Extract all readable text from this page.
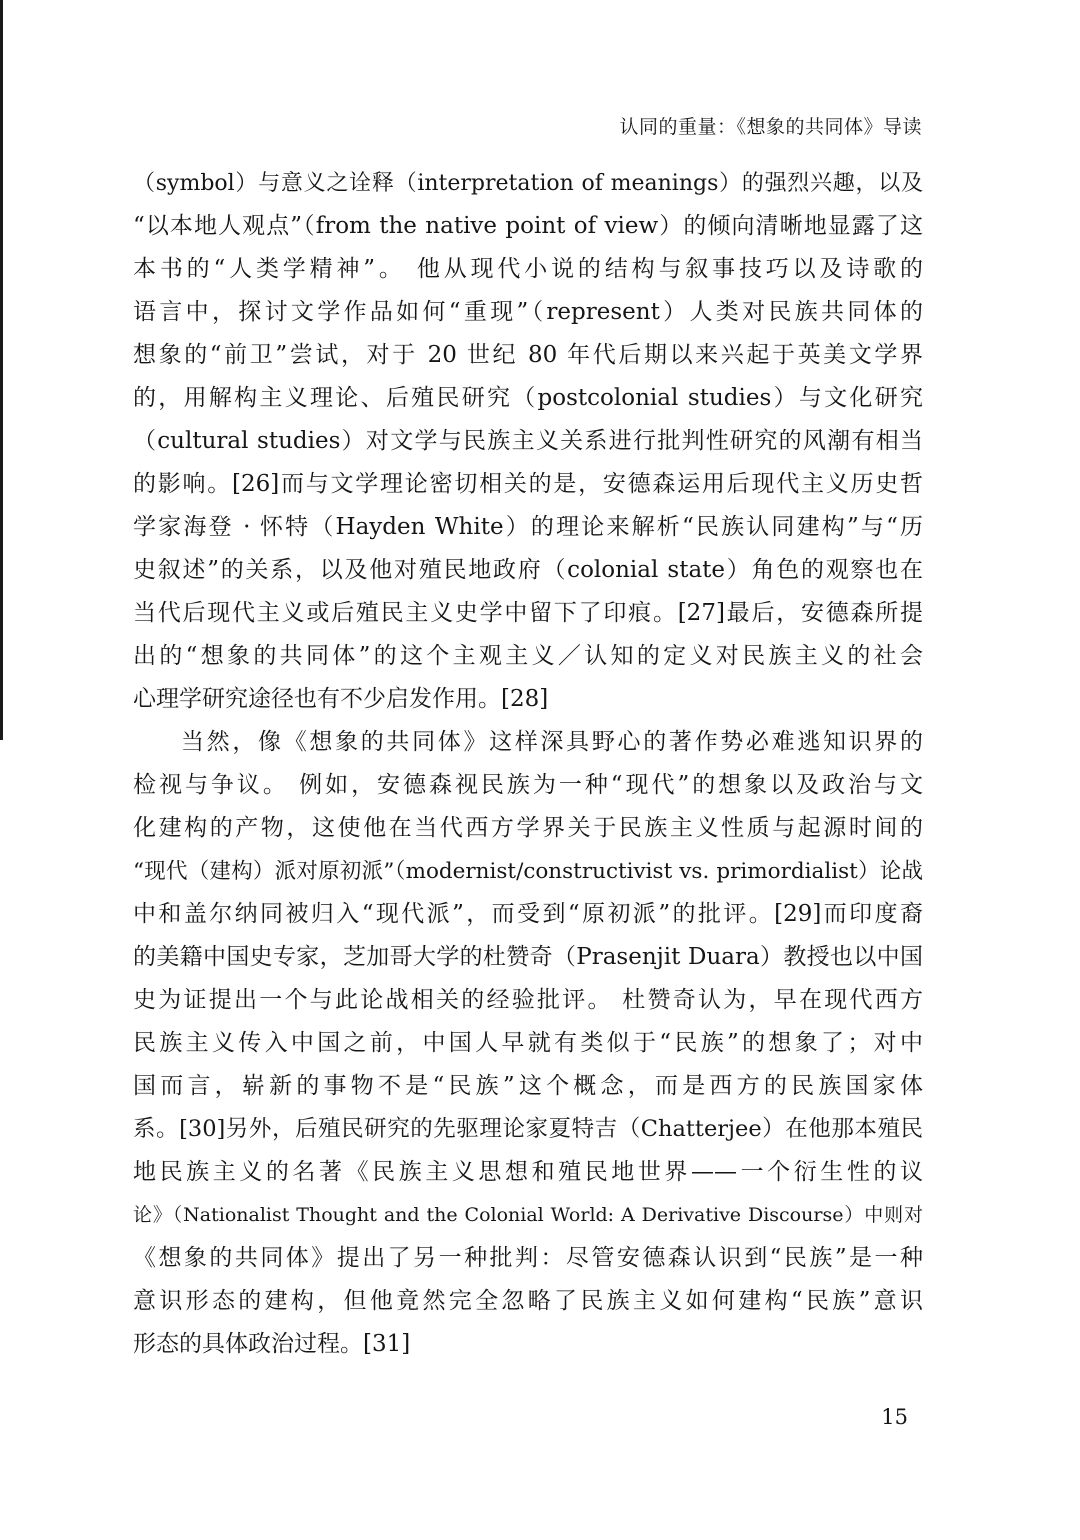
认同的重量：《想象的共同体》导读
（symbol）与意义之诠释（interpretation of meanings）的强烈兴趣，以及
“以本地人观点”（from the native point of view）的倾向清晰地显露了这
本书的“人类学精神”。 他从现代小说的结构与叙事技巧以及诗歌的
语言中，探讨文学作品如何“重现”（represent）人类对民族共同体的
想象的“前卫”尝试，对于 20 世纪 80 年代后期以来兴起于英美文学界
的，用解构主义理论、后殖民研究（postcolonial studies）与文化研究
（cultural studies）对文学与民族主义关系进行批判性研究的风潮有相当
的影响。[26]而与文学理论密切相关的是，安德森运用后现代主义历史哲
学家海登 · 怀特（Hayden White）的理论来解析“民族认同建构”与“历
史叙述”的关系，以及他对殖民地政府（colonial state）角色的观察也在
当代后现代主义或后殖民主义史学中留下了印痕。[27]最后，安德森所提
出的“想象的共同体”的这个主观主义／认知的定义对民族主义的社会
心理学研究途径也有不少启发作用。[28]
当然，像《想象的共同体》这样深具野心的著作势必难逃知识界的
检视与争议。 例如，安德森视民族为一种“现代”的想象以及政治与文
化建构的产物，这使他在当代西方学界关于民族主义性质与起源时间的
“现代（建构）派对原初派”（modernist/constructivist vs. primordialist）论战
中和盖尔纳同被归入“现代派”，而受到“原初派”的批评。[29]而印度裔
的美籍中国史专家，芝加哥大学的杜赞奇（Prasenjit Duara）教授也以中国
史为证提出一个与此论战相关的经验批评。 杜赞奇认为，早在现代西方
民族主义传入中国之前，中国人早就有类似于“民族”的想象了；对中
国而言，崭新的事物不是“民族”这个概念，而是西方的民族国家体
系。[30]另外，后殖民研究的先驱理论家夏特吉（Chatterjee）在他那本殖民
地民族主义的名著《民族主义思想和殖民地世界——一个衍生性的议
论》（Nationalist Thought and the Colonial World: A Derivative Discourse）中则对
《想象的共同体》提出了另一种批判：尽管安德森认识到“民族”是一种
意识形态的建构，但他竟然完全忽略了民族主义如何建构“民族”意识
形态的具体政治过程。[31]
15
